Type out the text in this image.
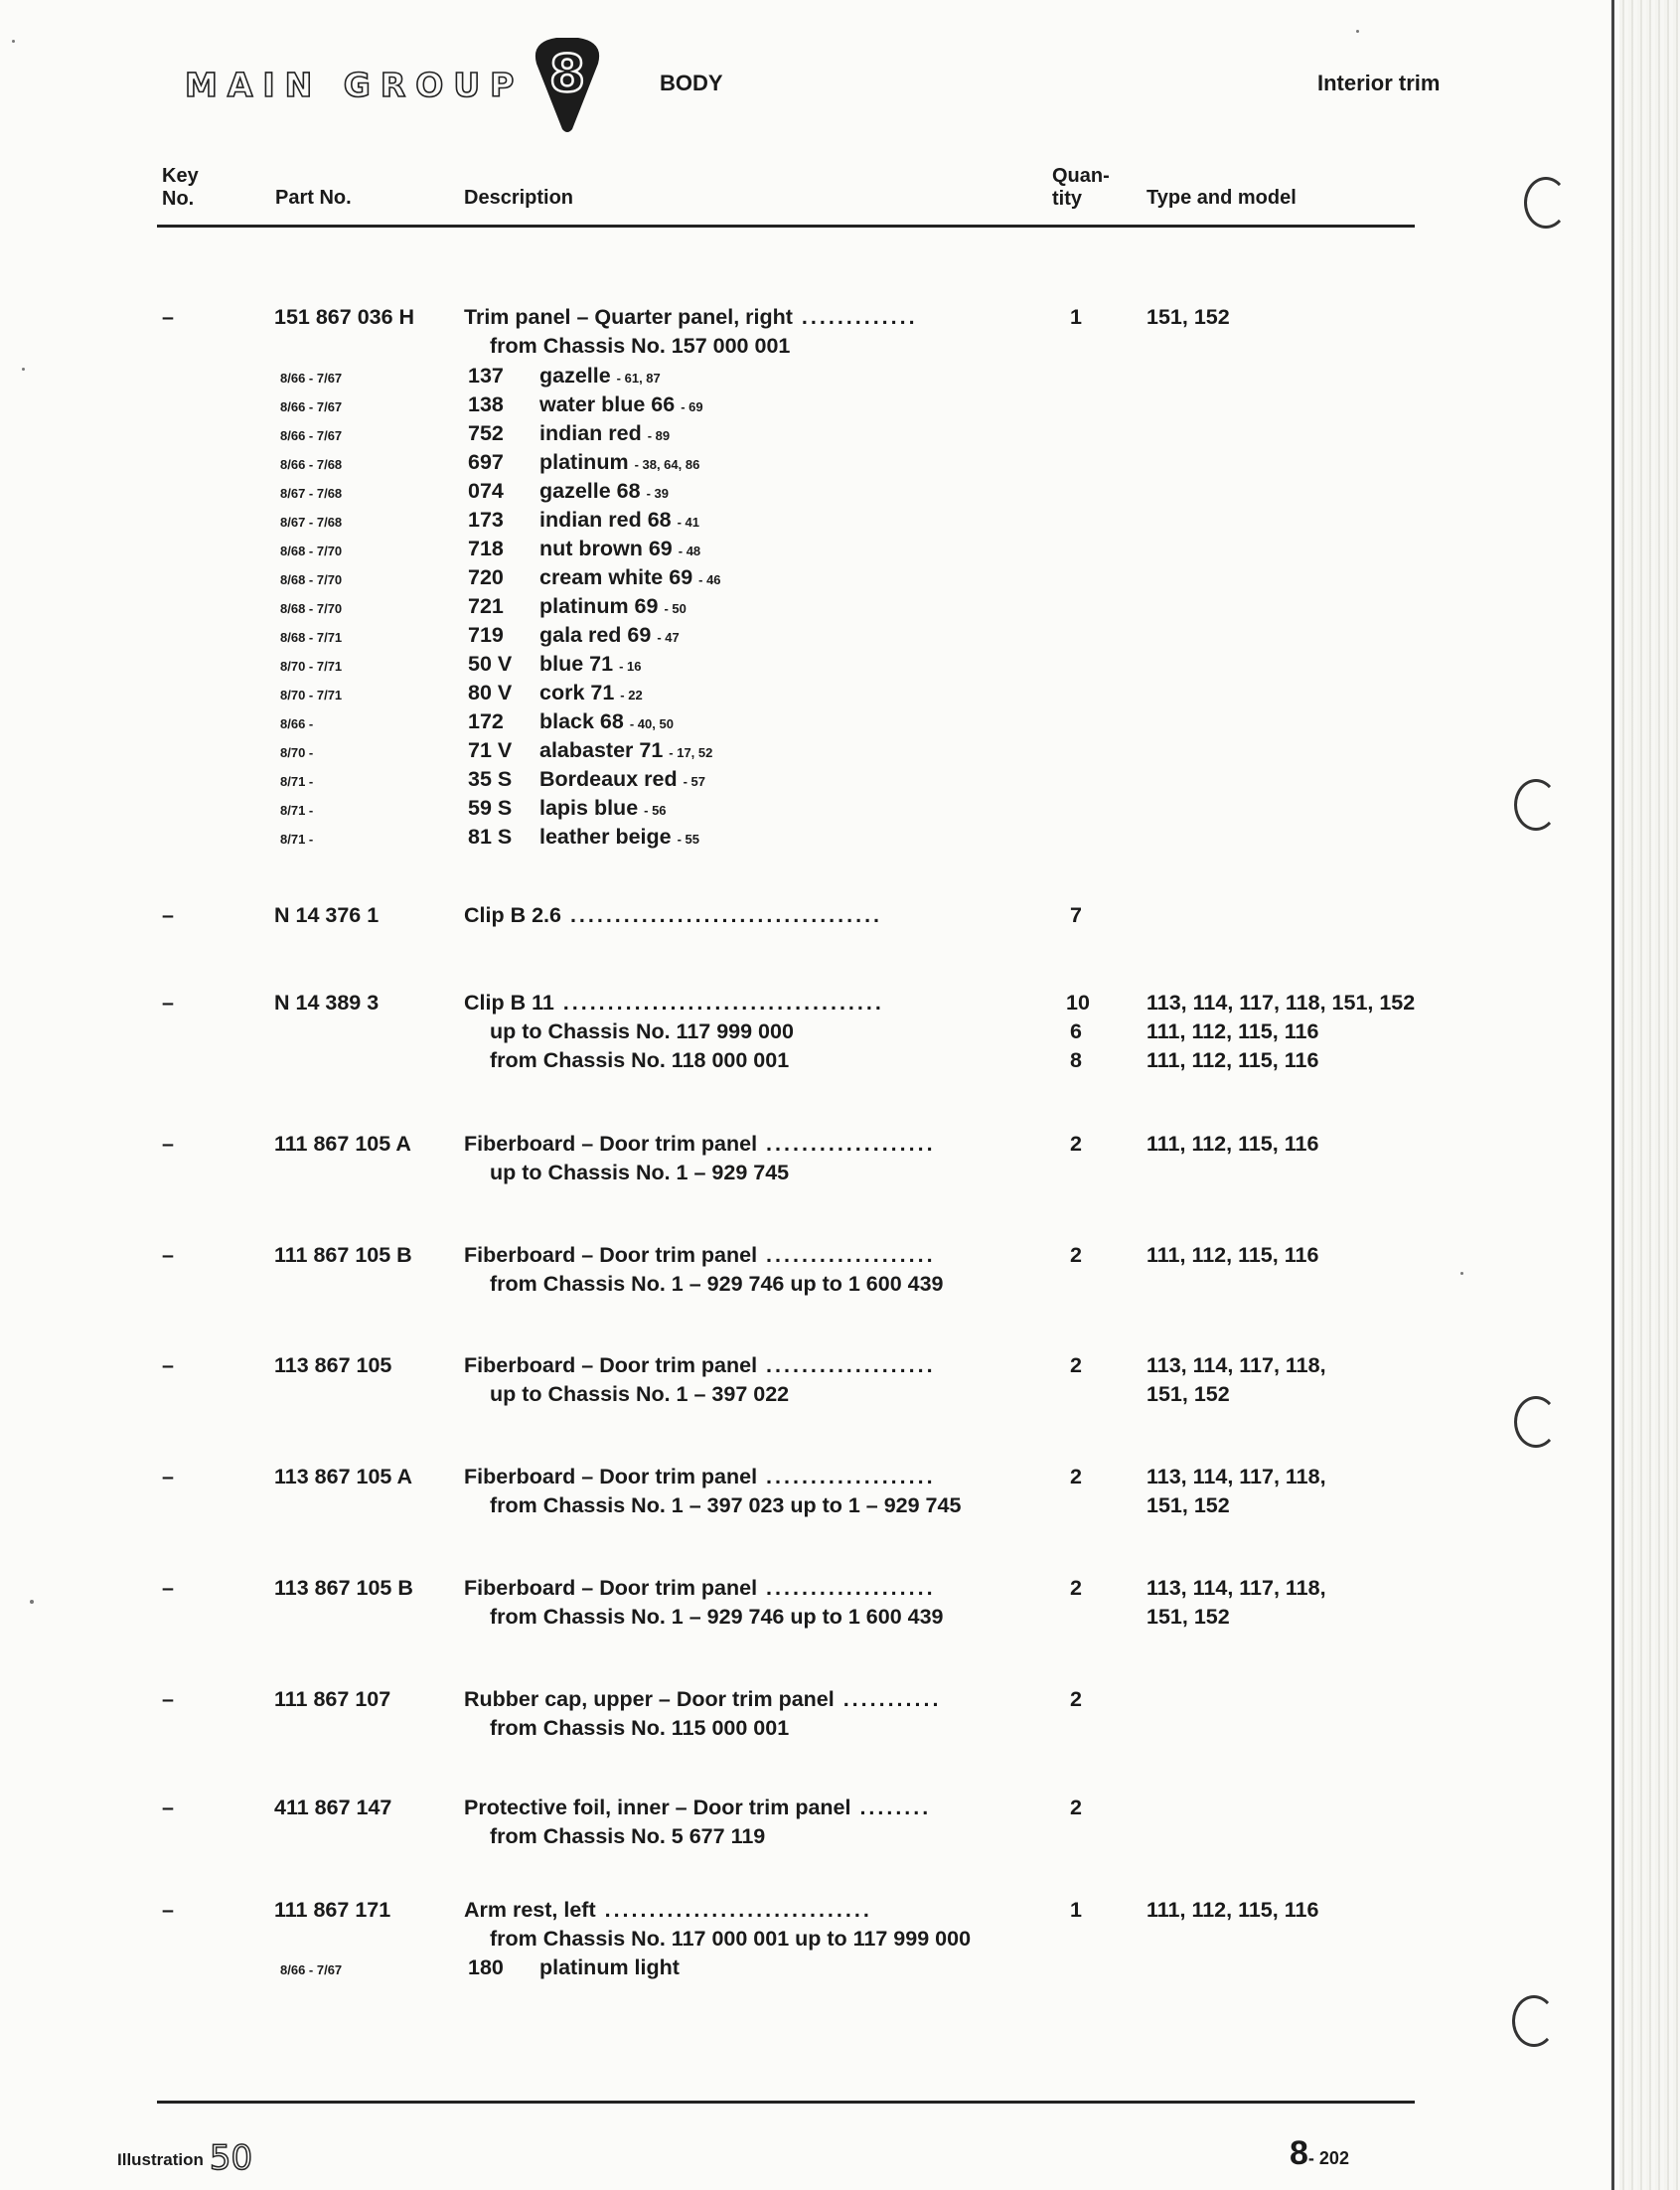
MAIN GROUP 8	BODY	Interior trim
Key
No.	Part No.	Description
Quan-
tity	Type and model
–	151 867 036 H Trim panel – Quarter panel, right .............	1	151, 152
from Chassis No. 157 000 001
8/66 - 7/67	137 gazelle - 61, 87
8/66 - 7/67	138 water blue 66 - 69
8/66 - 7/67	752 indian red - 89
8/66 - 7/68	697 platinum - 38, 64, 86
8/67 - 7/68	074 gazelle 68 - 39
8/67 - 7/68	173 indian red 68 - 41
8/68 - 7/70	718 nut brown 69 - 48
8/68 - 7/70	720 cream white 69 - 46
8/68 - 7/70	721 platinum 69 - 50
8/68 - 7/71	719 gala red 69 - 47
8/70 - 7/71	50 V blue 71 - 16
8/70 - 7/71	80 V cork 71 - 22
8/66 -	172 black 68 - 40, 50
8/70 -	71 V alabaster 71 - 17, 52
8/71 -	35 S Bordeaux red - 57
8/71 -	59 S lapis blue - 56
8/71 -	81 S leather beige - 55
–	N 14 376 1	Clip B 2.6 ...................................	7
–	N 14 389 3	Clip B 11 ....................................	10	113, 114, 117, 118, 151, 152
up to Chassis No. 117 999 000	6	111, 112, 115, 116
from Chassis No. 118 000 001	8	111, 112, 115, 116
–	111 867 105 A Fiberboard – Door trim panel ...................	2	111, 112, 115, 116
up to Chassis No. 1 – 929 745
–	111 867 105 B Fiberboard – Door trim panel ...................	2	111, 112, 115, 116
from Chassis No. 1 – 929 746 up to 1 600 439
–	113 867 105	Fiberboard – Door trim panel ...................	2	113, 114, 117, 118,
151, 152
up to Chassis No. 1 – 397 022
–	113 867 105 A Fiberboard – Door trim panel ...................	2	113, 114, 117, 118,
151, 152
from Chassis No. 1 – 397 023 up to 1 – 929 745
–	113 867 105 B Fiberboard – Door trim panel ...................	2	113, 114, 117, 118,
151, 152
from Chassis No. 1 – 929 746 up to 1 600 439
–	111 867 107	Rubber cap, upper – Door trim panel ...........	2
from Chassis No. 115 000 001
–	411 867 147	Protective foil, inner – Door trim panel ........	2
from Chassis No. 5 677 119
–	111 867 171	Arm rest, left ..............................	1	111, 112, 115, 116
from Chassis No. 117 000 001 up to 117 999 000
8/66 - 7/67	180 platinum light
Illustration 50	8- 202
